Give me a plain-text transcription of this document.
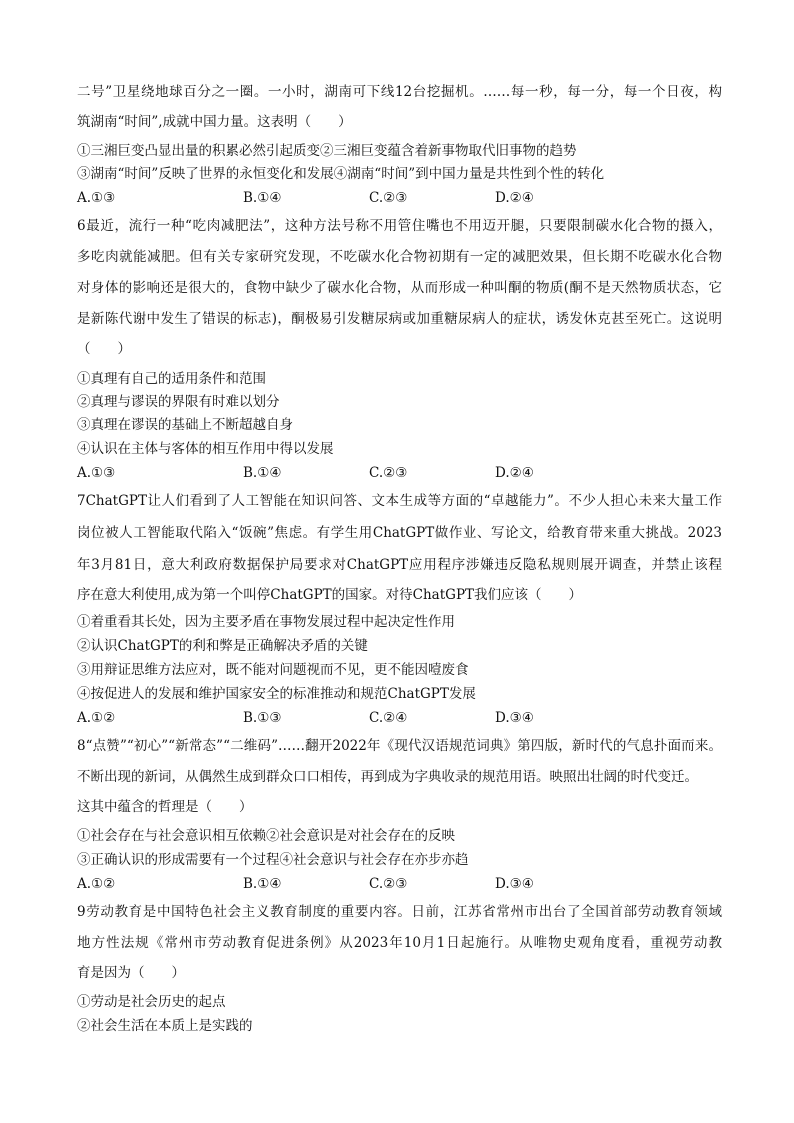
二号”卫星绕地球百分之一圈。一小时，湖南可下线12台挖掘机。……每一秒，每一分，每一个日夜，构
筑湖南“时间”,成就中国力量。这表明（　　）
①三湘巨变凸显出量的积累必然引起质变②三湘巨变蕴含着新事物取代旧事物的趋势
③湖南“时间”反映了世界的永恒变化和发展④湖南“时间”到中国力量是共性到个性的转化
A.①③	B.①④	C.②③	D.②④
6最近，流行一种“吃肉减肥法”，这种方法号称不用管住嘴也不用迈开腿，只要限制碳水化合物的摄入，
多吃肉就能减肥。但有关专家研究发现，不吃碳水化合物初期有一定的减肥效果，但长期不吃碳水化合物
对身体的影响还是很大的，食物中缺少了碳水化合物，从而形成一种叫酮的物质(酮不是天然物质状态，它
是新陈代谢中发生了错误的标志)，酮极易引发糖尿病或加重糖尿病人的症状，诱发休克甚至死亡。这说明
（　　）
①真理有自己的适用条件和范围
②真理与谬误的界限有时难以划分
③真理在谬误的基础上不断超越自身
④认识在主体与客体的相互作用中得以发展
A.①③	B.①④	C.②③	D.②④
7ChatGPT让人们看到了人工智能在知识问答、文本生成等方面的“卓越能力”。不少人担心未来大量工作
岗位被人工智能取代陷入“饭碗”焦虑。有学生用ChatGPT做作业、写论文，给教育带来重大挑战。2023
年3月81日，意大利政府数据保护局要求对ChatGPT应用程序涉嫌违反隐私规则展开调查，并禁止该程
序在意大利使用,成为第一个叫停ChatGPT的国家。对待ChatGPT我们应该（　　）
①着重看其长处，因为主要矛盾在事物发展过程中起决定性作用
②认识ChatGPT的利和弊是正确解决矛盾的关键
③用辩证思维方法应对，既不能对问题视而不见，更不能因噎废食
④按促进人的发展和维护国家安全的标准推动和规范ChatGPT发展
A.①②	B.①③	C.②④	D.③④
8“点赞”“初心”“新常态”“二维码”……翻开2022年《现代汉语规范词典》第四版，新时代的气息扑面而来。
不断出现的新词，从偶然生成到群众口口相传，再到成为字典收录的规范用语。映照出壮阔的时代变迁。
这其中蕴含的哲理是（　　）
①社会存在与社会意识相互依赖②社会意识是对社会存在的反映
③正确认识的形成需要有一个过程④社会意识与社会存在亦步亦趋
A.①②	B.①④	C.②③	D.③④
9劳动教育是中国特色社会主义教育制度的重要内容。日前，江苏省常州市出台了全国首部劳动教育领域
地方性法规《常州市劳动教育促进条例》从2023年10月1日起施行。从唯物史观角度看，重视劳动教
育是因为（　　）
①劳动是社会历史的起点
②社会生活在本质上是实践的
